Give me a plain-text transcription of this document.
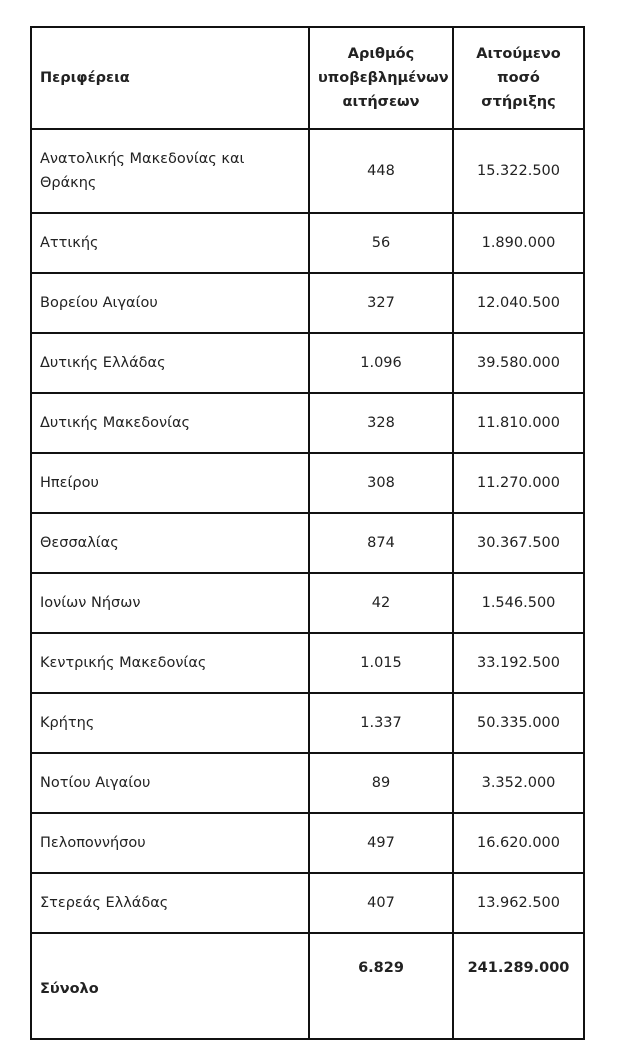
Περιφέρεια	Αριθμός υποβεβλημένων αιτήσεων	Αιτούμενο ποσό στήριξης
Ανατολικής Μακεδονίας και Θράκης	448	15.322.500
Αττικής	56	1.890.000
Βορείου Αιγαίου	327	12.040.500
Δυτικής Ελλάδας	1.096	39.580.000
Δυτικής Μακεδονίας	328	11.810.000
Ηπείρου	308	11.270.000
Θεσσαλίας	874	30.367.500
Ιονίων Νήσων	42	1.546.500
Κεντρικής Μακεδονίας	1.015	33.192.500
Κρήτης	1.337	50.335.000
Νοτίου Αιγαίου	89	3.352.000
Πελοποννήσου	497	16.620.000
Στερεάς Ελλάδας	407	13.962.500
Σύνολο	6.829	241.289.000
